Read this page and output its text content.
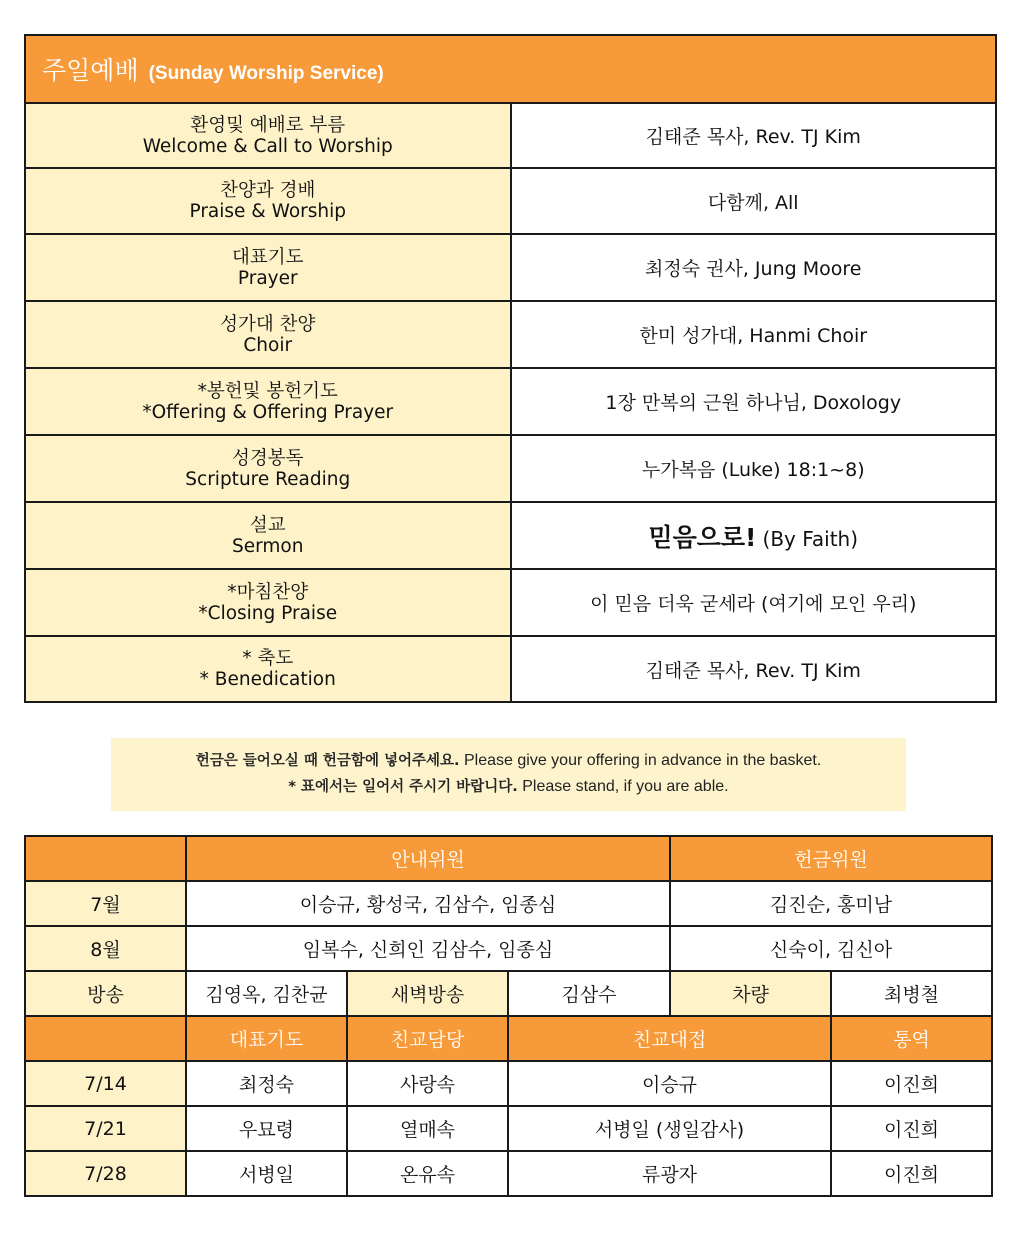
주일예배 (Sunday Worship Service)	

환영및 예배로 부름
Welcome & Call to Worship	김태준 목사, Rev. TJ Kim

찬양과 경배
Praise & Worship	다함께, All

대표기도
Prayer	최정숙 권사, Jung Moore

성가대 찬양
Choir	한미 성가대, Hanmi Choir

*봉헌및 봉헌기도
*Offering & Offering Prayer	1장 만복의 근원 하나님, Doxology

성경봉독
Scripture Reading	누가복음 (Luke) 18:1~8)

설교
Sermon	믿음으로! (By Faith)

*마침찬양
*Closing Praise	이 믿음 더욱 굳세라 (여기에 모인 우리)

* 축도
* Benedication	김태준 목사, Rev. TJ Kim
헌금은 들어오실 때 헌금함에 넣어주세요. Please give your offering in advance in the basket.
* 표에서는 일어서 주시기 바랍니다. Please stand, if you are able.
	안내위원			헌금위원	
7월	이승규, 황성국, 김삼수, 임종심			김진순, 홍미남	
8월	임복수, 신희인 김삼수, 임종심			신숙이, 김신아	
방송	김영옥, 김찬균	새벽방송	김삼수	차량	최병철
	대표기도	친교담당	친교대접		통역
7/14	최정숙	사랑속	이승규		이진희
7/21	우묘령	열매속	서병일 (생일감사)		이진희
7/28	서병일	온유속	류광자		이진희
